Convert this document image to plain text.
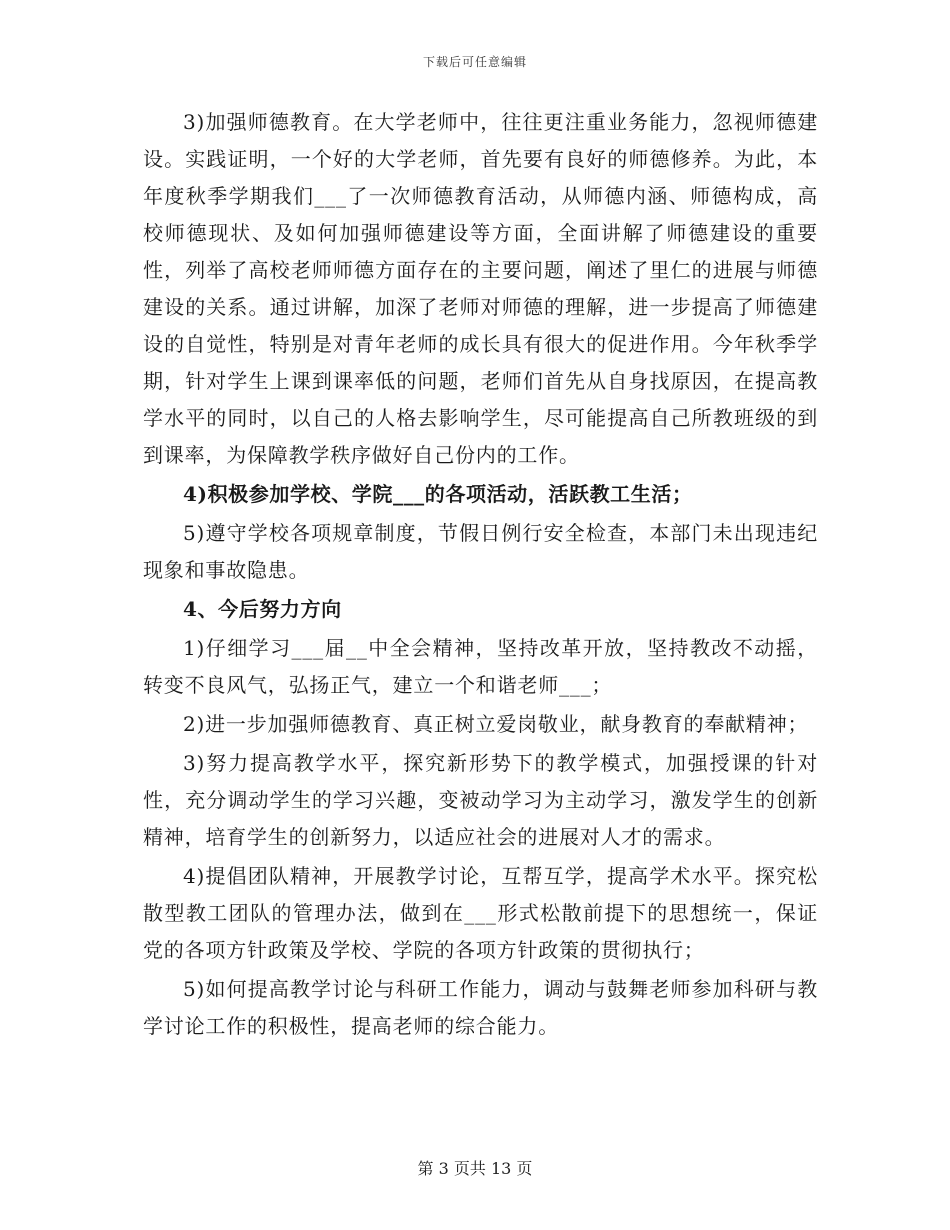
下载后可任意编辑

3)加强师德教育。在大学老师中，往往更注重业务能力，忽视师德建设。实践证明，一个好的大学老师，首先要有良好的师德修养。为此，本年度秋季学期我们___了一次师德教育活动，从师德内涵、师德构成，高校师德现状、及如何加强师德建设等方面，全面讲解了师德建设的重要性，列举了高校老师师德方面存在的主要问题，阐述了里仁的进展与师德建设的关系。通过讲解，加深了老师对师德的理解，进一步提高了师德建设的自觉性，特别是对青年老师的成长具有很大的促进作用。今年秋季学期，针对学生上课到课率低的问题，老师们首先从自身找原因，在提高教学水平的同时，以自己的人格去影响学生，尽可能提高自己所教班级的到到课率，为保障教学秩序做好自己份内的工作。

4)积极参加学校、学院___的各项活动，活跃教工生活；

5)遵守学校各项规章制度，节假日例行安全检查，本部门未出现违纪现象和事故隐患。

4、今后努力方向

1)仔细学习___届__中全会精神，坚持改革开放，坚持教改不动摇，转变不良风气，弘扬正气，建立一个和谐老师___；

2)进一步加强师德教育、真正树立爱岗敬业，献身教育的奉献精神；

3)努力提高教学水平，探究新形势下的教学模式，加强授课的针对性，充分调动学生的学习兴趣，变被动学习为主动学习，激发学生的创新精神，培育学生的创新努力，以适应社会的进展对人才的需求。

4)提倡团队精神，开展教学讨论，互帮互学，提高学术水平。探究松散型教工团队的管理办法，做到在___形式松散前提下的思想统一，保证党的各项方针政策及学校、学院的各项方针政策的贯彻执行；

5)如何提高教学讨论与科研工作能力，调动与鼓舞老师参加科研与教学讨论工作的积极性，提高老师的综合能力。

第 3 页共 13 页
